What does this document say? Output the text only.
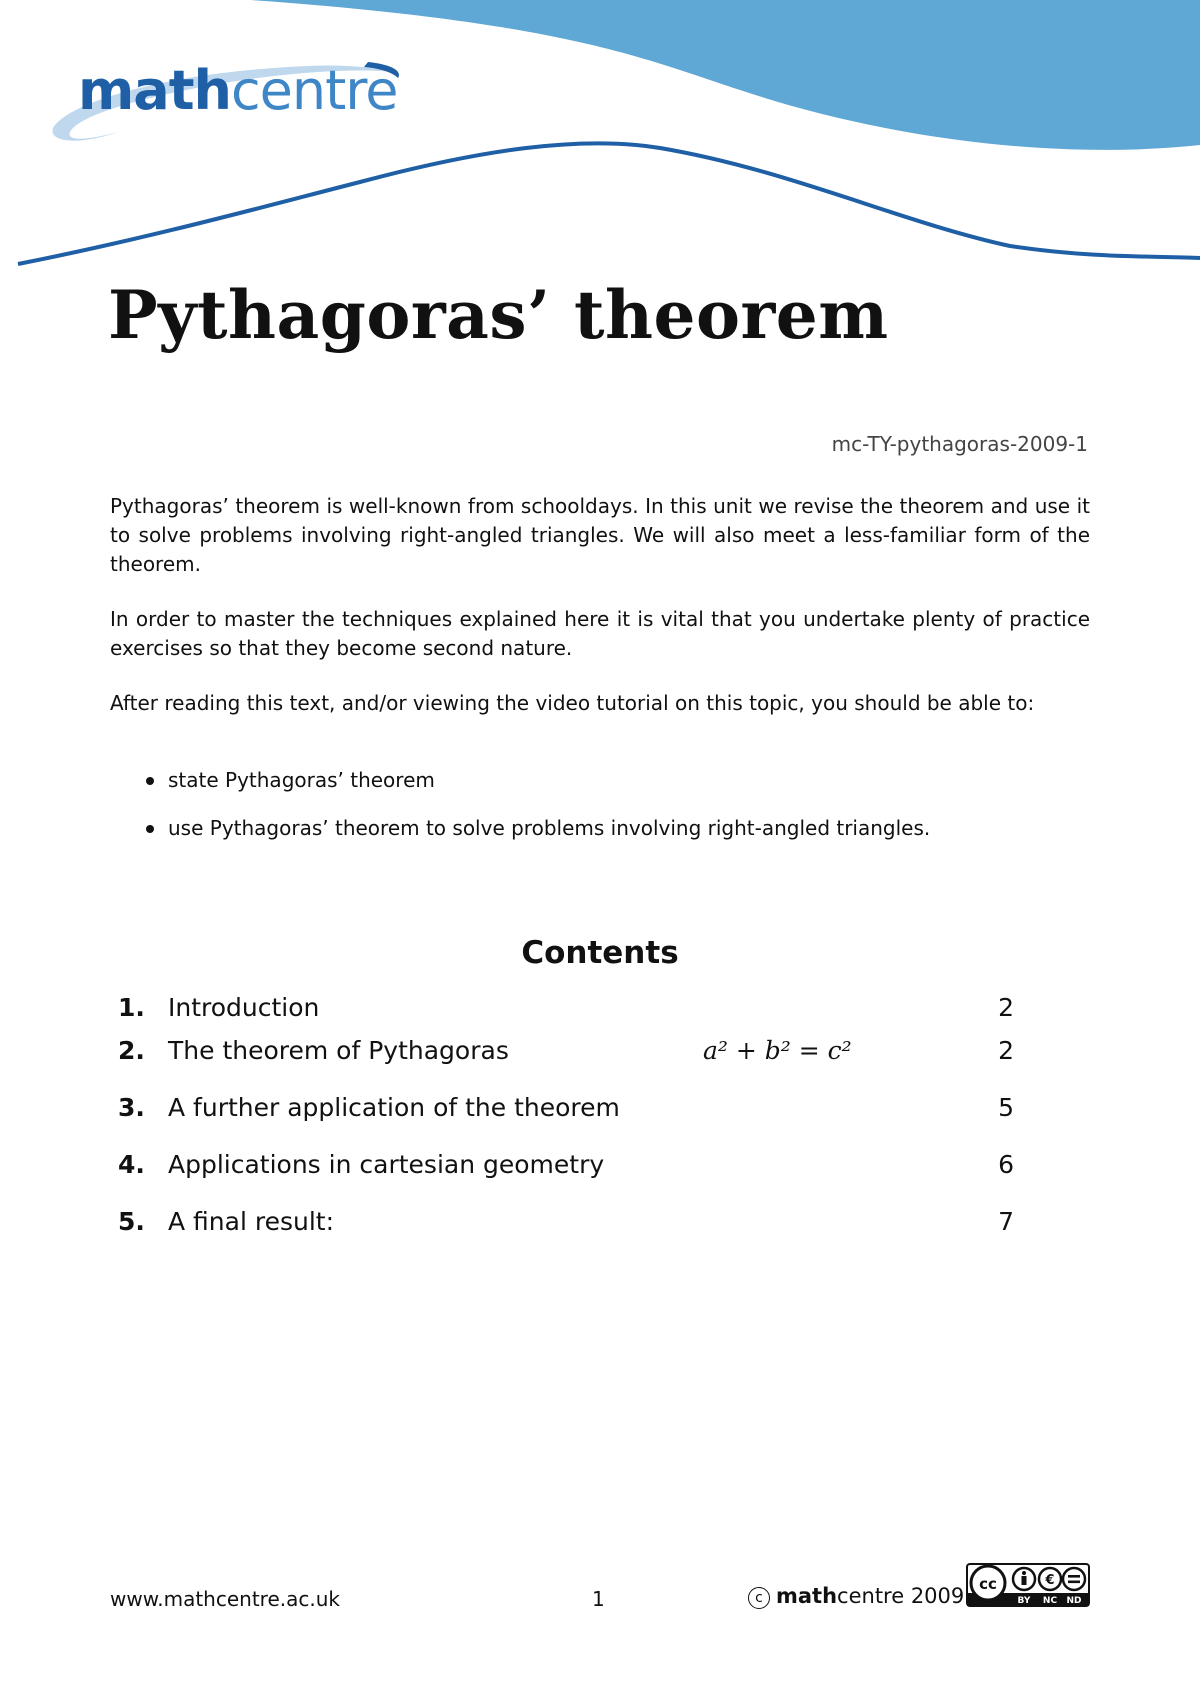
mathcentre
Pythagoras’ theorem
mc-TY-pythagoras-2009-1

Pythagoras’ theorem is well-known from schooldays. In this unit we revise the theorem and use it to solve problems involving right-angled triangles. We will also meet a less-familiar form of the theorem.

In order to master the techniques explained here it is vital that you undertake plenty of practice exercises so that they become second nature.

After reading this text, and/or viewing the video tutorial on this topic, you should be able to:

state Pythagoras’ theorem
use Pythagoras’ theorem to solve problems involving right-angled triangles.
Contents
1. Introduction	2
2. The theorem of Pythagoras	a² + b² = c²	2
3. A further application of the theorem	5
4. Applications in cartesian geometry	6
5. A final result:	7
www.mathcentre.ac.uk	1	c mathcentre 2009 cc	€
BY NC ND
